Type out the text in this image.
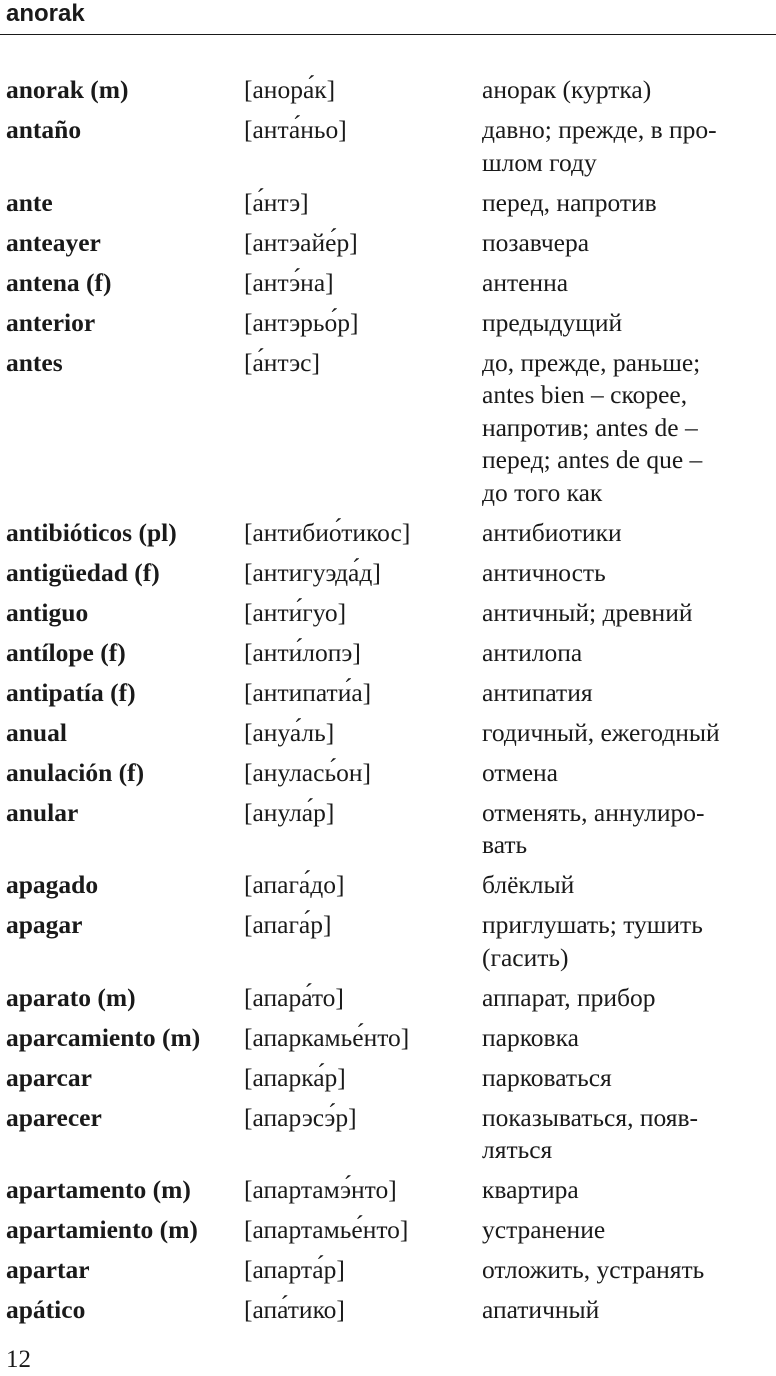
anorak
anorak (m)	[анора́к]	анорак (куртка)
antaño	[анта́ньо]	давно; прежде, в про-
шлом году
ante	[а́нтэ]	перед, напротив
anteayer	[антэайе́р]	позавчера
antena (f)	[антэ́на]	антенна
anterior	[антэрьо́р]	предыдущий
antes	[а́нтэс]	до, прежде, раньше;
antes bien – скорее,
напротив; antes de –
перед; antes de que –
до того как
antibióticos (pl)	[антибио́тикос]	антибиотики
antigüedad (f)	[антигуэда́д]	античность
antiguo	[анти́гуо]	античный; древний
antílope (f)	[анти́лопэ]	антилопа
antipatía (f)	[антипати́а]	антипатия
anual	[ануа́ль]	годичный, ежегодный
anulación (f)	[анулась́он]	отмена
anular	[анула́р]	отменять, аннулиро-
вать
apagado	[апага́до]	блёклый
apagar	[апага́р]	приглушать; тушить
(гасить)
aparato (m)	[апара́то]	аппарат, прибор
aparcamiento (m)	[апаркамье́нто]	парковка
aparcar	[апарка́р]	парковаться
aparecer	[апарэсэ́р]	показываться, появ-
ляться
apartamento (m)	[апартамэ́нто]	квартира
apartamiento (m)	[апартамье́нто]	устранение
apartar	[апарта́р]	отложить, устранять
apático	[апа́тико]	апатичный
12
